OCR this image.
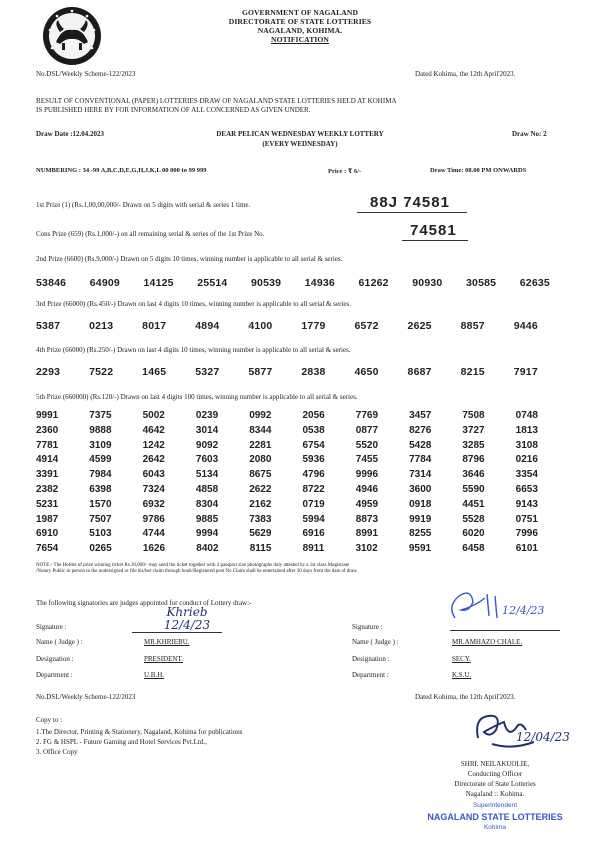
GOVERNMENT OF NAGALAND
DIRECTORATE OF STATE LOTTERIES
NAGALAND, KOHIMA.
NOTIFICATION
No.DSL/Weekly Scheme-122/2023	Dated Kohima, the 12th April'2023.
RESULT OF CONVENTIONAL (PAPER) LOTTERIES DRAW OF NAGALAND STATE LOTTERIES HELD AT KOHIMA
IS PUBLISHED HERE BY FOR INFORMATION OF ALL CONCERNED AS GIVEN UNDER.
Draw Date :12.04.2023	DEAR PELICAN WEDNESDAY WEEKLY LOTTERY
(EVERY WEDNESDAY)
Draw No: 2
NUMBERING : 34 -99 A,B,C,D,E,G,H,J,K,L 00 000 to 99 999	Price : ₹ 6/-	Draw Time: 08.00 PM ONWARDS
1st Prize (1) (Rs.1,00,00,000/- Drawn on 5 digits with serial & series 1 time.	88J 74581
Cons Prize (659) (Rs.1,000/-) on all remaining serial & series of the 1st Prize No.	74581
2nd Prize (6600) (Rs.9,000/-) Drawn on 5 digits 10 times, winning number is applicable to all serial & series.
53846 64909 14125 25514 90539 14936 61262 90930 30585 62635
3rd Prize (66000) (Rs.450/-) Drawn on last 4 digits 10 times, winning number is applicable to all serial & series.
5387	0213	8017	4894	4100	1779	6572	2625	8857	9446
4th Prize (66000) (Rs.250/-) Drawn on last 4 digits 10 times, winning number is applicable to all serial & series.
2293	7522	1465	5327	5877	2838	4650	8687	8215	7917
5th Prize (660000) (Rs.120/-) Drawn on last 4 digits 100 times, winning number is applicable to all serial & series.
9991	7375	5002	0239	0992	2056	7769	3457	7508	0748
2360	9888	4642	3014	8344	0538	0877	8276	3727	1813
7781	3109	1242	9092	2281	6754	5520	5428	3285	3108
4914	4599	2642	7603	2080	5936	7455	7784	8796	0216
3391	7984	6043	5134	8675	4796	9996	7314	3646	3354
2382	6398	7324	4858	2622	8722	4946	3600	5590	6653
5231	1570	6932	8304	2162	0719	4959	0918	4451	9143
1987	7507	9786	9885	7383	5994	8873	9919	5528	0751
6910	5103	4744	9994	5629	6916	8991	8255	6020	7996
7654	0265	1626	8402	8115	8911	3102	9591	6458	6101
NOTE:- The Holder of prize winning ticket Rs.10,000/- may send the ticket together with 3 passport size photographs duly attested by a 1st class Magistrate
/Notary Public in person to the undersigned or file his/her claim through book/Registered post No Claim shall be entertained after 30 days from the date of draw.
The following signatories are judges appointed for conduct of Lottery draw:-
Signature :
Khrieb 12/4/23
Name ( Judge ) :	MR.KHRIEBU.
Designation :	PRESIDENT.
Department :	U.B.H.
Signature :
12/4/23
Name ( Judge ) :	MR.AMHAZO CHALE.
Designation :	SECY.
Department :	K.S.U.
No.DSL/Weekly Scheme-122/2023	Dated Kohima, the 12th April'2023.
Copy to :
1.The Director, Printing & Stationery, Nagaland, Kohima for publications
2. FG & HSPL - Future Gaming and Hotel Services Pvt.Ltd.,
3. Office Copy
12/04/23
SHRI. NEILAKUOLIE,
Conducting Officer
Directorate of State Lotteries
Nagaland :: Kohima.
Superintendent
NAGALAND STATE LOTTERIES
Kohima
